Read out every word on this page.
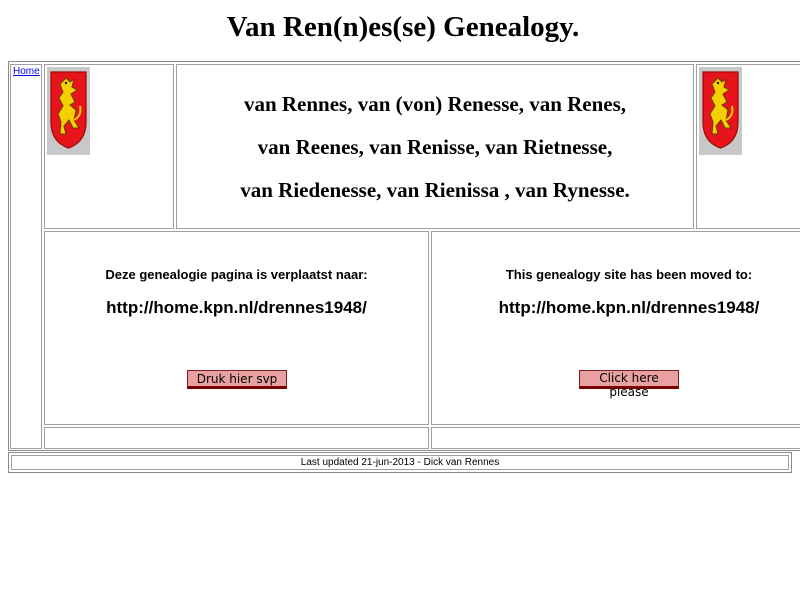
Van Ren(n)es(se) Genealogy.
Home
van Rennes, van (von) Renesse, van Renes,
van Reenes, van Renisse, van Rietnesse,
van Riedenesse, van Rienissa , van Rynesse.
Deze genealogie pagina is verplaatst naar:
http://home.kpn.nl/drennes1948/
Druk hier svp
This genealogy site has been moved to:
http://home.kpn.nl/drennes1948/
Click here please
Last updated 21-jun-2013 - Dick van Rennes
